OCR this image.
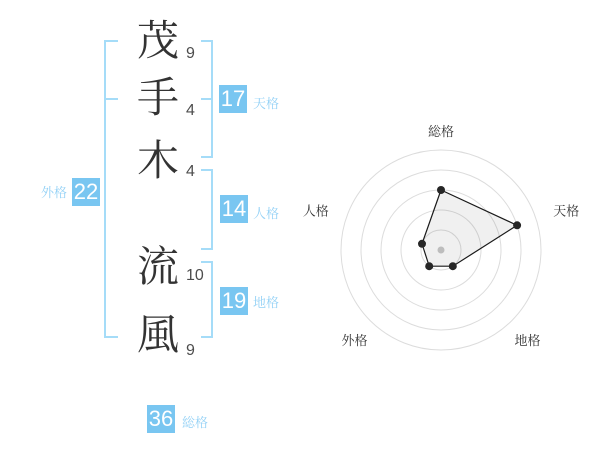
茂
手
木
流
風
9
4
4
10
9
17 天格
14 人格
19 地格
外格 22
36 総格
総格
天格
地格
外格
人格
